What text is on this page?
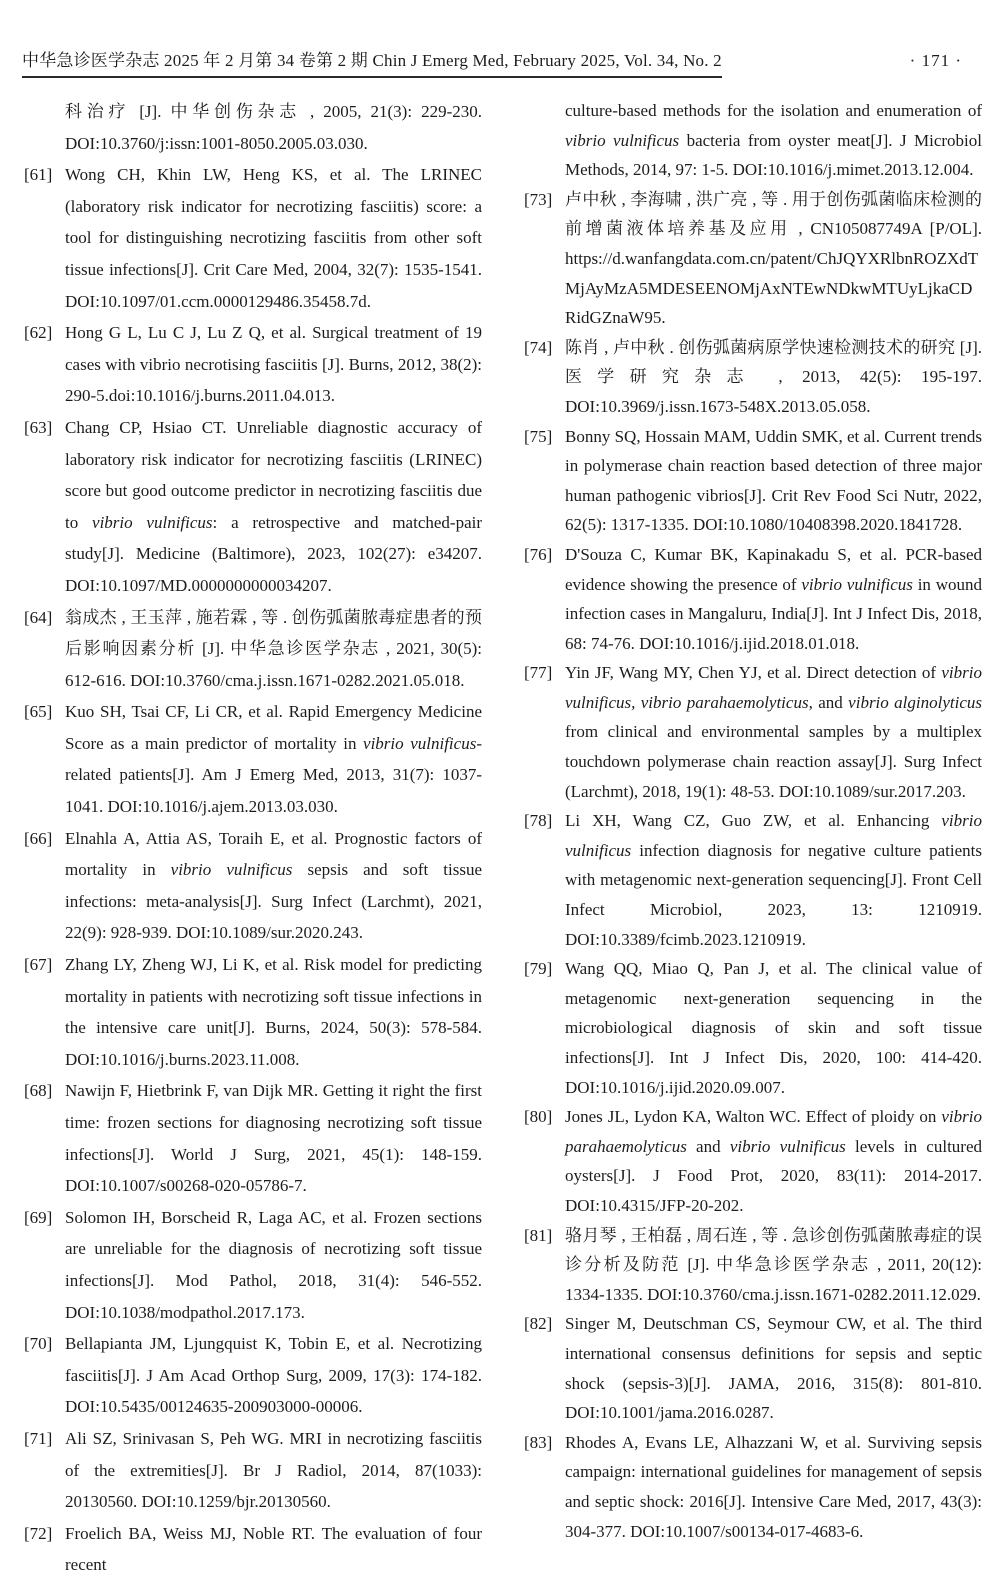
中华急诊医学杂志 2025 年 2 月第 34 卷第 2 期 Chin J Emerg Med, February 2025, Vol. 34, No. 2	· 171 ·
科治疗 [J]. 中华创伤杂志 , 2005, 21(3): 229-230. DOI:10.3760/j:issn:1001-8050.2005.03.030.
[61] Wong CH, Khin LW, Heng KS, et al. The LRINEC (laboratory risk indicator for necrotizing fasciitis) score: a tool for distinguishing necrotizing fasciitis from other soft tissue infections[J]. Crit Care Med, 2004, 32(7): 1535-1541. DOI:10.1097/01.ccm.0000129486.35458.7d.
[62] Hong G L, Lu C J, Lu Z Q, et al. Surgical treatment of 19 cases with vibrio necrotising fasciitis [J]. Burns, 2012, 38(2): 290-5.doi:10.1016/j.burns.2011.04.013.
[63] Chang CP, Hsiao CT. Unreliable diagnostic accuracy of laboratory risk indicator for necrotizing fasciitis (LRINEC) score but good outcome predictor in necrotizing fasciitis due to vibrio vulnificus: a retrospective and matched-pair study[J]. Medicine (Baltimore), 2023, 102(27): e34207. DOI:10.1097/MD.0000000000034207.
[64] 翁成杰 , 王玉萍 , 施若霖 , 等 . 创伤弧菌脓毒症患者的预后影响因素分析 [J]. 中华急诊医学杂志 , 2021, 30(5): 612-616. DOI:10.3760/cma.j.issn.1671-0282.2021.05.018.
[65] Kuo SH, Tsai CF, Li CR, et al. Rapid Emergency Medicine Score as a main predictor of mortality in vibrio vulnificus-related patients[J]. Am J Emerg Med, 2013, 31(7): 1037-1041. DOI:10.1016/j.ajem.2013.03.030.
[66] Elnahla A, Attia AS, Toraih E, et al. Prognostic factors of mortality in vibrio vulnificus sepsis and soft tissue infections: meta-analysis[J]. Surg Infect (Larchmt), 2021, 22(9): 928-939. DOI:10.1089/sur.2020.243.
[67] Zhang LY, Zheng WJ, Li K, et al. Risk model for predicting mortality in patients with necrotizing soft tissue infections in the intensive care unit[J]. Burns, 2024, 50(3): 578-584. DOI:10.1016/j.burns.2023.11.008.
[68] Nawijn F, Hietbrink F, van Dijk MR. Getting it right the first time: frozen sections for diagnosing necrotizing soft tissue infections[J]. World J Surg, 2021, 45(1): 148-159. DOI:10.1007/s00268-020-05786-7.
[69] Solomon IH, Borscheid R, Laga AC, et al. Frozen sections are unreliable for the diagnosis of necrotizing soft tissue infections[J]. Mod Pathol, 2018, 31(4): 546-552. DOI:10.1038/modpathol.2017.173.
[70] Bellapianta JM, Ljungquist K, Tobin E, et al. Necrotizing fasciitis[J]. J Am Acad Orthop Surg, 2009, 17(3): 174-182. DOI:10.5435/00124635-200903000-00006.
[71] Ali SZ, Srinivasan S, Peh WG. MRI in necrotizing fasciitis of the extremities[J]. Br J Radiol, 2014, 87(1033): 20130560. DOI:10.1259/bjr.20130560.
[72] Froelich BA, Weiss MJ, Noble RT. The evaluation of four recent
culture-based methods for the isolation and enumeration of vibrio vulnificus bacteria from oyster meat[J]. J Microbiol Methods, 2014, 97: 1-5. DOI:10.1016/j.mimet.2013.12.004.
[73] 卢中秋 , 李海啸 , 洪广亮 , 等 . 用于创伤弧菌临床检测的前增菌液体培养基及应用 , CN105087749A [P/OL]. https://d.wanfangdata.com.cn/patent/ChJQYXRlbnROZXdTMjAyMzA5MDESEENOMjAxNTEwNDkwMTUyLjkaCDRidGZnaW95.
[74] 陈肖 , 卢中秋 . 创伤弧菌病原学快速检测技术的研究 [J]. 医学研究杂志 , 2013, 42(5): 195-197. DOI:10.3969/j.issn.1673-548X.2013.05.058.
[75] Bonny SQ, Hossain MAM, Uddin SMK, et al. Current trends in polymerase chain reaction based detection of three major human pathogenic vibrios[J]. Crit Rev Food Sci Nutr, 2022, 62(5): 1317-1335. DOI:10.1080/10408398.2020.1841728.
[76] D'Souza C, Kumar BK, Kapinakadu S, et al. PCR-based evidence showing the presence of vibrio vulnificus in wound infection cases in Mangaluru, India[J]. Int J Infect Dis, 2018, 68: 74-76. DOI:10.1016/j.ijid.2018.01.018.
[77] Yin JF, Wang MY, Chen YJ, et al. Direct detection of vibrio vulnificus, vibrio parahaemolyticus, and vibrio alginolyticus from clinical and environmental samples by a multiplex touchdown polymerase chain reaction assay[J]. Surg Infect (Larchmt), 2018, 19(1): 48-53. DOI:10.1089/sur.2017.203.
[78] Li XH, Wang CZ, Guo ZW, et al. Enhancing vibrio vulnificus infection diagnosis for negative culture patients with metagenomic next-generation sequencing[J]. Front Cell Infect Microbiol, 2023, 13: 1210919. DOI:10.3389/fcimb.2023.1210919.
[79] Wang QQ, Miao Q, Pan J, et al. The clinical value of metagenomic next-generation sequencing in the microbiological diagnosis of skin and soft tissue infections[J]. Int J Infect Dis, 2020, 100: 414-420. DOI:10.1016/j.ijid.2020.09.007.
[80] Jones JL, Lydon KA, Walton WC. Effect of ploidy on vibrio parahaemolyticus and vibrio vulnificus levels in cultured oysters[J]. J Food Prot, 2020, 83(11): 2014-2017. DOI:10.4315/JFP-20-202.
[81] 骆月琴 , 王柏磊 , 周石连 , 等 . 急诊创伤弧菌脓毒症的误诊分析及防范 [J]. 中华急诊医学杂志 , 2011, 20(12): 1334-1335. DOI:10.3760/cma.j.issn.1671-0282.2011.12.029.
[82] Singer M, Deutschman CS, Seymour CW, et al. The third international consensus definitions for sepsis and septic shock (sepsis-3)[J]. JAMA, 2016, 315(8): 801-810. DOI:10.1001/jama.2016.0287.
[83] Rhodes A, Evans LE, Alhazzani W, et al. Surviving sepsis campaign: international guidelines for management of sepsis and septic shock: 2016[J]. Intensive Care Med, 2017, 43(3): 304-377. DOI:10.1007/s00134-017-4683-6.
